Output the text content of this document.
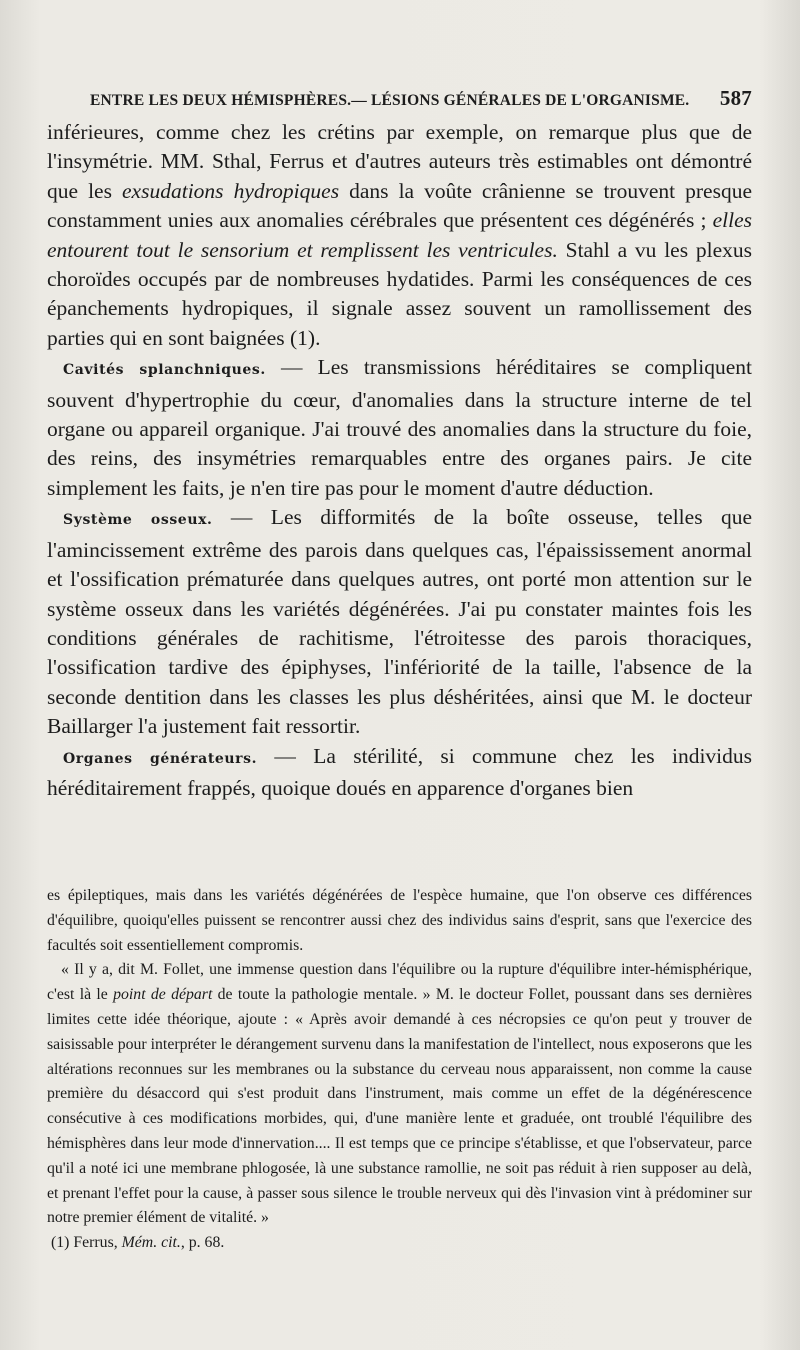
ENTRE LES DEUX HÉMISPHÈRES.— LÉSIONS GÉNÉRALES DE L'ORGANISME. 587

inférieures, comme chez les crétins par exemple, on remarque plus que de l'insymétrie. MM. Sthal, Ferrus et d'autres auteurs très estimables ont démontré que les exsudations hydropiques dans la voûte crânienne se trouvent presque constamment unies aux anomalies cérébrales que présentent ces dégénérés ; elles entourent tout le sensorium et remplissent les ventricules. Stahl a vu les plexus choroïdes occupés par de nombreuses hydatides. Parmi les conséquences de ces épanchements hydropiques, il signale assez souvent un ramollissement des parties qui en sont baignées (1).

Cavités splanchniques. — Les transmissions héréditaires se compliquent souvent d'hypertrophie du cœur, d'anomalies dans la structure interne de tel organe ou appareil organique. J'ai trouvé des anomalies dans la structure du foie, des reins, des insymétries remarquables entre des organes pairs. Je cite simplement les faits, je n'en tire pas pour le moment d'autre déduction.

Système osseux. — Les difformités de la boîte osseuse, telles que l'amincissement extrême des parois dans quelques cas, l'épaississement anormal et l'ossification prématurée dans quelques autres, ont porté mon attention sur le système osseux dans les variétés dégénérées. J'ai pu constater maintes fois les conditions générales de rachitisme, l'étroitesse des parois thoraciques, l'ossification tardive des épiphyses, l'infériorité de la taille, l'absence de la seconde dentition dans les classes les plus déshéritées, ainsi que M. le docteur Baillarger l'a justement fait ressortir.

Organes générateurs. — La stérilité, si commune chez les individus héréditairement frappés, quoique doués en apparence d'organes bien

es épileptiques, mais dans les variétés dégénérées de l'espèce humaine, que l'on observe ces différences d'équilibre, quoiqu'elles puissent se rencontrer aussi chez des individus sains d'esprit, sans que l'exercice des facultés soit essentiellement compromis.

« Il y a, dit M. Follet, une immense question dans l'équilibre ou la rupture d'équilibre inter-hémisphérique, c'est là le point de départ de toute la pathologie mentale. » M. le docteur Follet, poussant dans ses dernières limites cette idée théorique, ajoute : « Après avoir demandé à ces nécropsies ce qu'on peut y trouver de saisissable pour interpréter le dérangement survenu dans la manifestation de l'intellect, nous exposerons que les altérations reconnues sur les membranes ou la substance du cerveau nous apparaissent, non comme la cause première du désaccord qui s'est produit dans l'instrument, mais comme un effet de la dégénérescence consécutive à ces modifications morbides, qui, d'une manière lente et graduée, ont troublé l'équilibre des hémisphères dans leur mode d'innervation.... Il est temps que ce principe s'établisse, et que l'observateur, parce qu'il a noté ici une membrane phlogosée, là une substance ramollie, ne soit pas réduit à rien supposer au delà, et prenant l'effet pour la cause, à passer sous silence le trouble nerveux qui dès l'invasion vint à prédominer sur notre premier élément de vitalité. »

(1) Ferrus, Mém. cit., p. 68.
